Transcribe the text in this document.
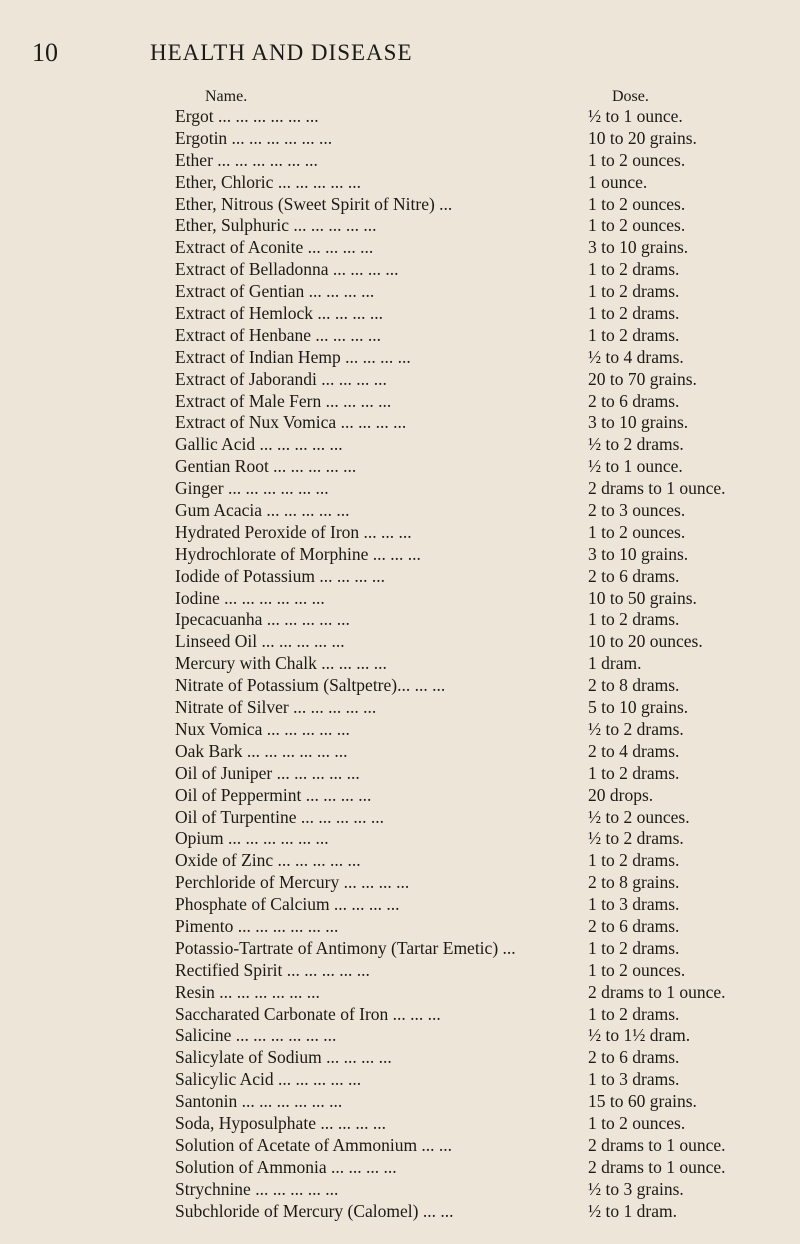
10	HEALTH AND DISEASE
Name.	Dose.
Ergot ... ... ... ... ... ...	½ to 1 ounce.
Ergotin ... ... ... ... ... ...	10 to 20 grains.
Ether ... ... ... ... ... ...	1 to 2 ounces.
Ether, Chloric ... ... ... ... ...	1 ounce.
Ether, Nitrous (Sweet Spirit of Nitre) ...	1 to 2 ounces.
Ether, Sulphuric ... ... ... ... ...	1 to 2 ounces.
Extract of Aconite ... ... ... ...	3 to 10 grains.
Extract of Belladonna ... ... ... ...	1 to 2 drams.
Extract of Gentian ... ... ... ...	1 to 2 drams.
Extract of Hemlock ... ... ... ...	1 to 2 drams.
Extract of Henbane ... ... ... ...	1 to 2 drams.
Extract of Indian Hemp ... ... ... ...	½ to 4 drams.
Extract of Jaborandi ... ... ... ...	20 to 70 grains.
Extract of Male Fern ... ... ... ...	2 to 6 drams.
Extract of Nux Vomica ... ... ... ...	3 to 10 grains.
Gallic Acid ... ... ... ... ...	½ to 2 drams.
Gentian Root ... ... ... ... ...	½ to 1 ounce.
Ginger ... ... ... ... ... ...	2 drams to 1 ounce.
Gum Acacia ... ... ... ... ...	2 to 3 ounces.
Hydrated Peroxide of Iron ... ... ...	1 to 2 ounces.
Hydrochlorate of Morphine ... ... ...	3 to 10 grains.
Iodide of Potassium ... ... ... ...	2 to 6 drams.
Iodine ... ... ... ... ... ...	10 to 50 grains.
Ipecacuanha ... ... ... ... ...	1 to 2 drams.
Linseed Oil ... ... ... ... ...	10 to 20 ounces.
Mercury with Chalk ... ... ... ...	1 dram.
Nitrate of Potassium (Saltpetre)... ... ...	2 to 8 drams.
Nitrate of Silver ... ... ... ... ...	5 to 10 grains.
Nux Vomica ... ... ... ... ...	½ to 2 drams.
Oak Bark ... ... ... ... ... ...	2 to 4 drams.
Oil of Juniper ... ... ... ... ...	1 to 2 drams.
Oil of Peppermint ... ... ... ...	20 drops.
Oil of Turpentine ... ... ... ... ...	½ to 2 ounces.
Opium ... ... ... ... ... ...	½ to 2 drams.
Oxide of Zinc ... ... ... ... ...	1 to 2 drams.
Perchloride of Mercury ... ... ... ...	2 to 8 grains.
Phosphate of Calcium ... ... ... ...	1 to 3 drams.
Pimento ... ... ... ... ... ...	2 to 6 drams.
Potassio-Tartrate of Antimony (Tartar Emetic) ...	1 to 2 drams.
Rectified Spirit ... ... ... ... ...	1 to 2 ounces.
Resin ... ... ... ... ... ...	2 drams to 1 ounce.
Saccharated Carbonate of Iron ... ... ...	1 to 2 drams.
Salicine ... ... ... ... ... ...	½ to 1½ dram.
Salicylate of Sodium ... ... ... ...	2 to 6 drams.
Salicylic Acid ... ... ... ... ...	1 to 3 drams.
Santonin ... ... ... ... ... ...	15 to 60 grains.
Soda, Hyposulphate ... ... ... ...	1 to 2 ounces.
Solution of Acetate of Ammonium ... ...	2 drams to 1 ounce.
Solution of Ammonia ... ... ... ...	2 drams to 1 ounce.
Strychnine ... ... ... ... ...	½ to 3 grains.
Subchloride of Mercury (Calomel) ... ...	½ to 1 dram.
